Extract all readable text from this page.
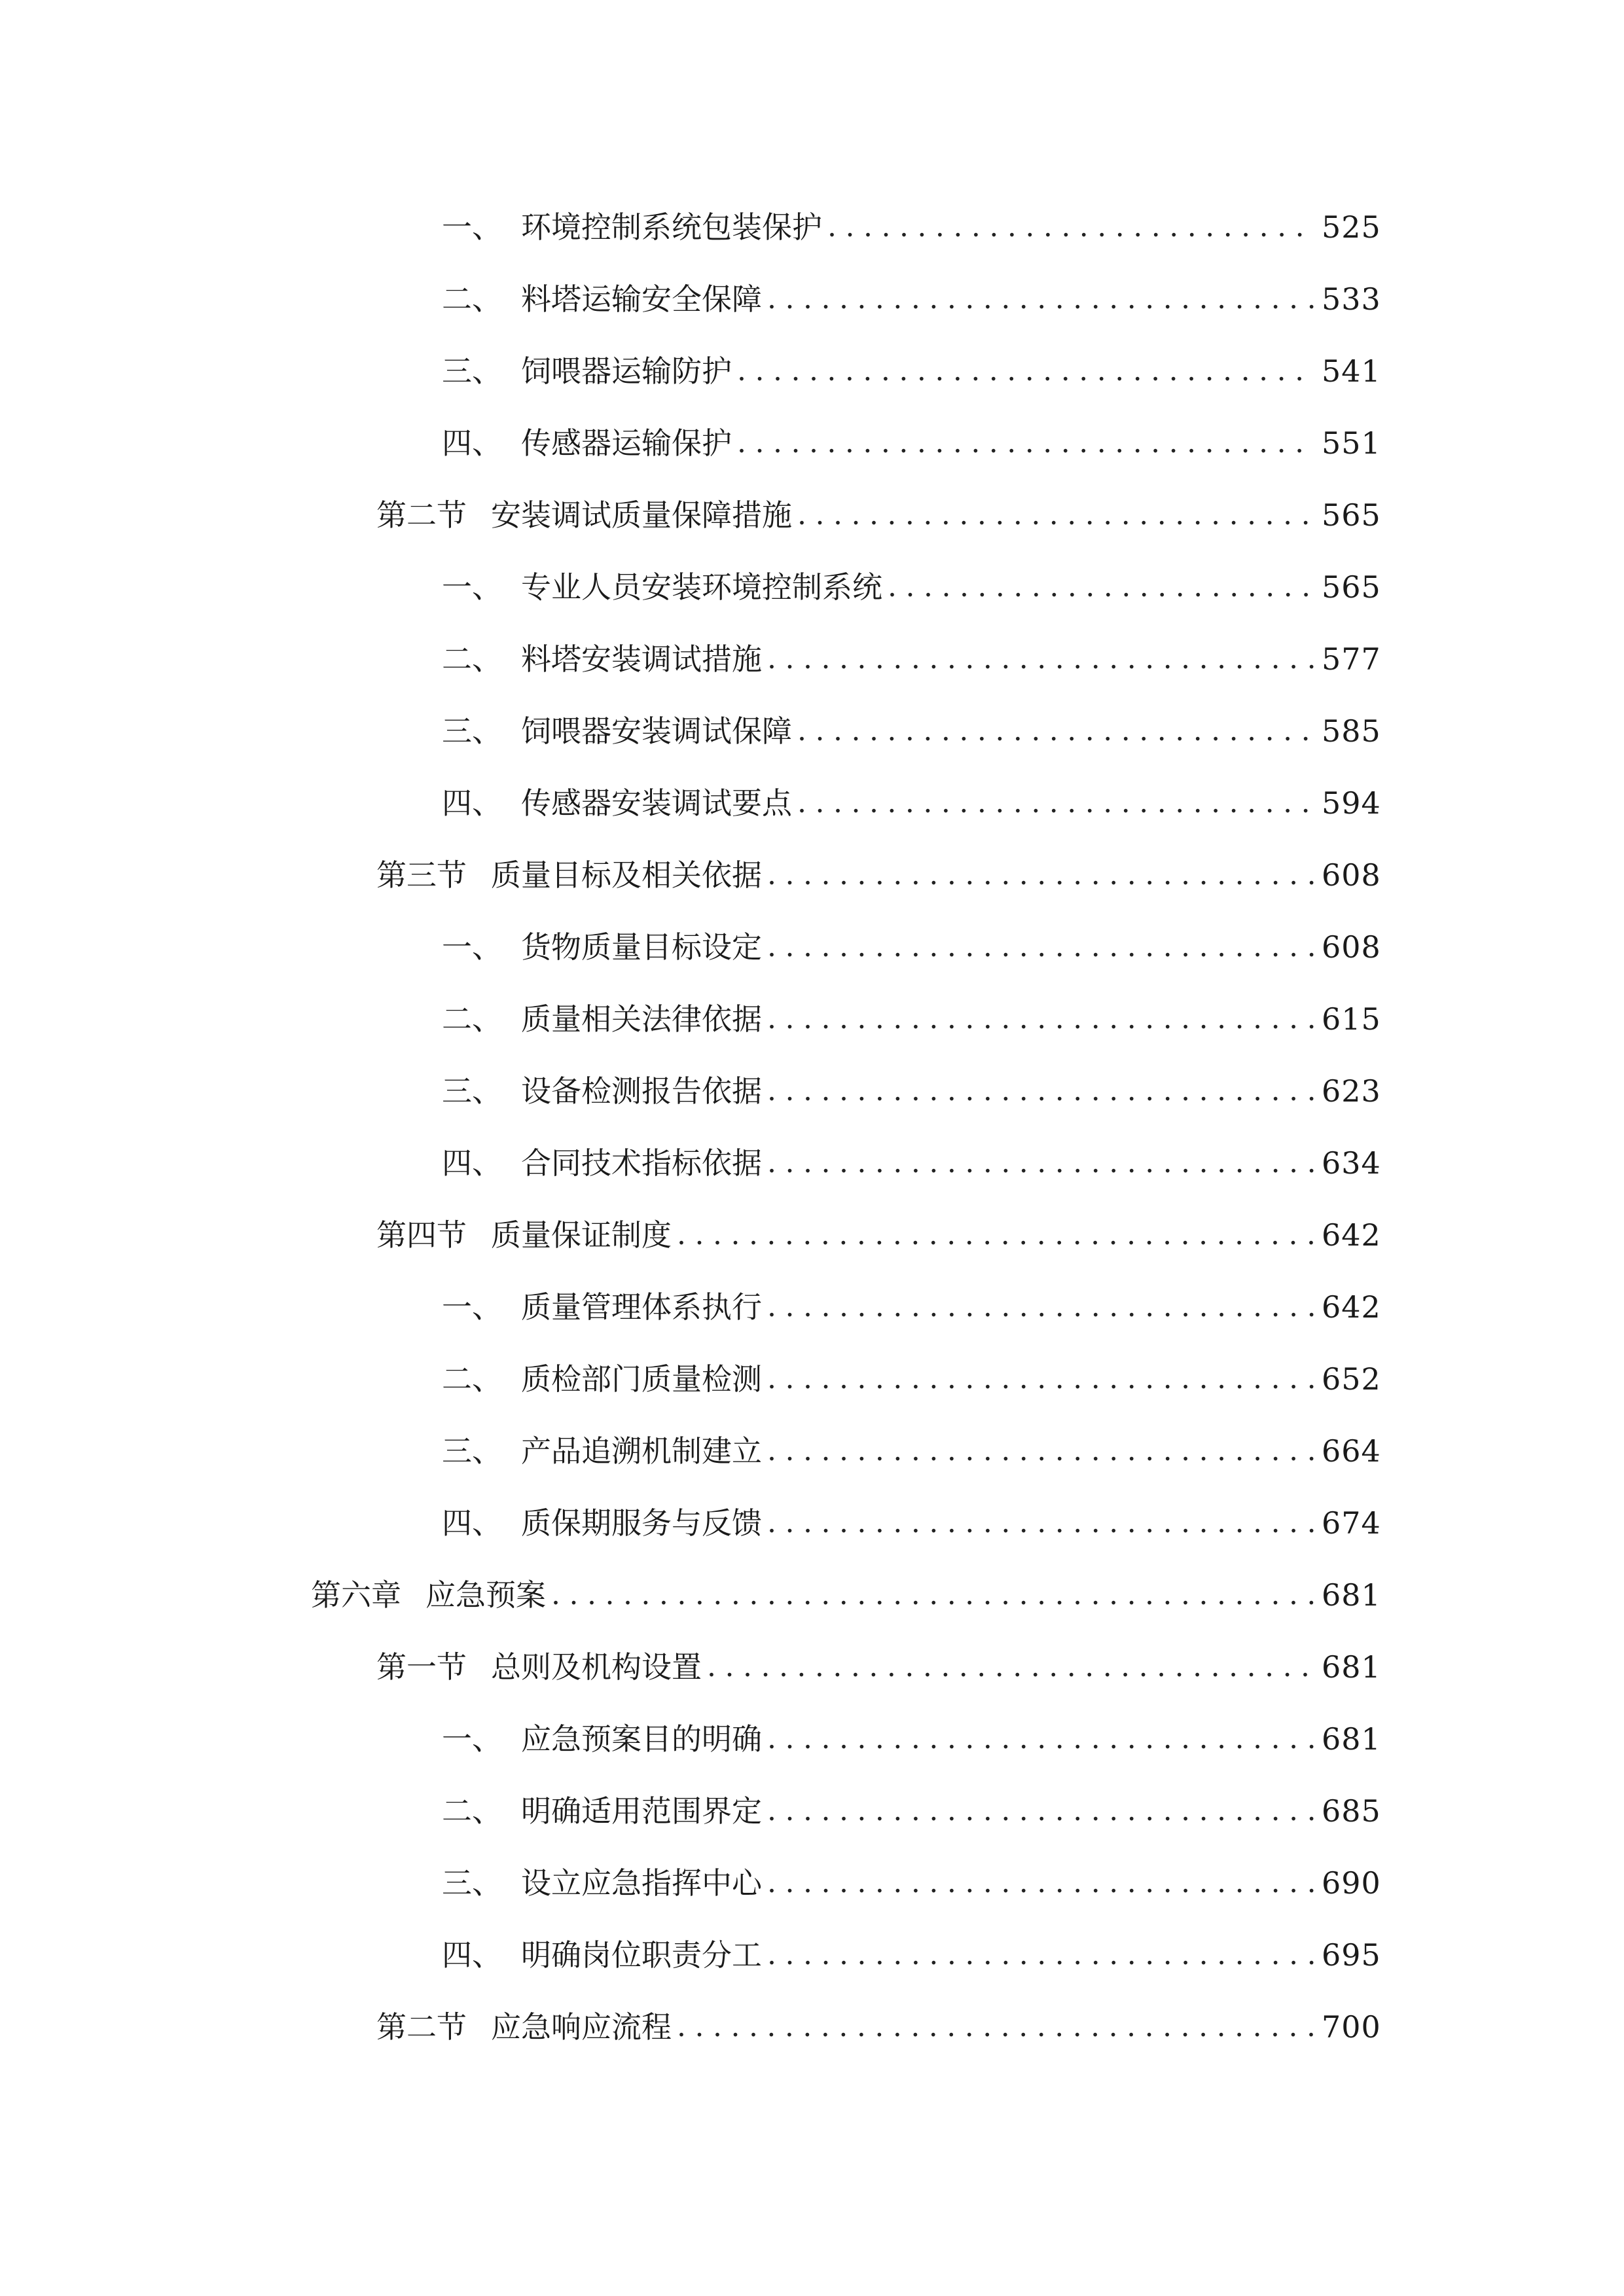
一、 环境控制系统包装保护 .....	525
二、 料塔运输安全保障 .....	533
三、 饲喂器运输防护 .....	541
四、 传感器运输保护 .....	551
第二节 安装调试质量保障措施 .....	565
一、 专业人员安装环境控制系统 .....	565
二、 料塔安装调试措施 .....	577
三、 饲喂器安装调试保障 .....	585
四、 传感器安装调试要点 .....	594
第三节 质量目标及相关依据 .....	608
一、 货物质量目标设定 .....	608
二、 质量相关法律依据 .....	615
三、 设备检测报告依据 .....	623
四、 合同技术指标依据 .....	634
第四节 质量保证制度 .....	642
一、 质量管理体系执行 .....	642
二、 质检部门质量检测 .....	652
三、 产品追溯机制建立 .....	664
四、 质保期服务与反馈 .....	674
第六章 应急预案 .....	681
第一节 总则及机构设置 .....	681
一、 应急预案目的明确 .....	681
二、 明确适用范围界定 .....	685
三、 设立应急指挥中心 .....	690
四、 明确岗位职责分工 .....	695
第二节 应急响应流程 .....	700
